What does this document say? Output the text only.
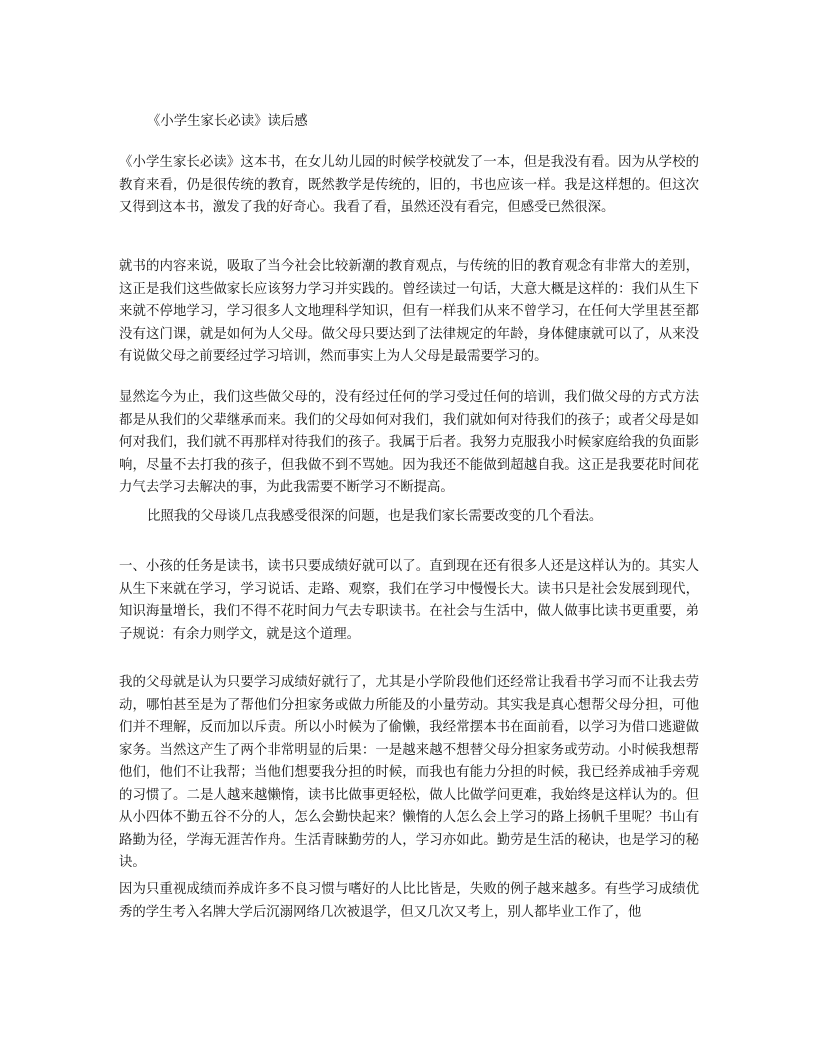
《小学生家长必读》读后感

《小学生家长必读》这本书，在女儿幼儿园的时候学校就发了一本，但是我没有看。因为从学校的教育来看，仍是很传统的教育，既然教学是传统的，旧的，书也应该一样。我是这样想的。但这次又得到这本书，激发了我的好奇心。我看了看，虽然还没有看完，但感受已然很深。

就书的内容来说，吸取了当今社会比较新潮的教育观点，与传统的旧的教育观念有非常大的差别，这正是我们这些做家长应该努力学习并实践的。曾经读过一句话，大意大概是这样的：我们从生下来就不停地学习，学习很多人文地理科学知识，但有一样我们从来不曾学习，在任何大学里甚至都没有这门课，就是如何为人父母。做父母只要达到了法律规定的年龄，身体健康就可以了，从来没有说做父母之前要经过学习培训，然而事实上为人父母是最需要学习的。

显然迄今为止，我们这些做父母的，没有经过任何的学习受过任何的培训，我们做父母的方式方法都是从我们的父辈继承而来。我们的父母如何对我们，我们就如何对待我们的孩子；或者父母是如何对我们，我们就不再那样对待我们的孩子。我属于后者。我努力克服我小时候家庭给我的负面影响，尽量不去打我的孩子，但我做不到不骂她。因为我还不能做到超越自我。这正是我要花时间花力气去学习去解决的事，为此我需要不断学习不断提高。

比照我的父母谈几点我感受很深的问题，也是我们家长需要改变的几个看法。

一、小孩的任务是读书，读书只要成绩好就可以了。直到现在还有很多人还是这样认为的。其实人从生下来就在学习，学习说话、走路、观察，我们在学习中慢慢长大。读书只是社会发展到现代，知识海量增长，我们不得不花时间力气去专职读书。在社会与生活中，做人做事比读书更重要，弟子规说：有余力则学文，就是这个道理。

我的父母就是认为只要学习成绩好就行了，尤其是小学阶段他们还经常让我看书学习而不让我去劳动，哪怕甚至是为了帮他们分担家务或做力所能及的小量劳动。其实我是真心想帮父母分担，可他们并不理解，反而加以斥责。所以小时候为了偷懒，我经常摆本书在面前看，以学习为借口逃避做家务。当然这产生了两个非常明显的后果：一是越来越不想替父母分担家务或劳动。小时候我想帮他们，他们不让我帮；当他们想要我分担的时候，而我也有能力分担的时候，我已经养成袖手旁观的习惯了。二是人越来越懒惰，读书比做事更轻松，做人比做学问更难，我始终是这样认为的。但从小四体不勤五谷不分的人，怎么会勤快起来？懒惰的人怎么会上学习的路上扬帆千里呢？书山有路勤为径，学海无涯苦作舟。生活青睐勤劳的人，学习亦如此。勤劳是生活的秘诀，也是学习的秘诀。

因为只重视成绩而养成许多不良习惯与嗜好的人比比皆是，失败的例子越来越多。有些学习成绩优秀的学生考入名牌大学后沉溺网络几次被退学，但又几次又考上，别人都毕业工作了，他
